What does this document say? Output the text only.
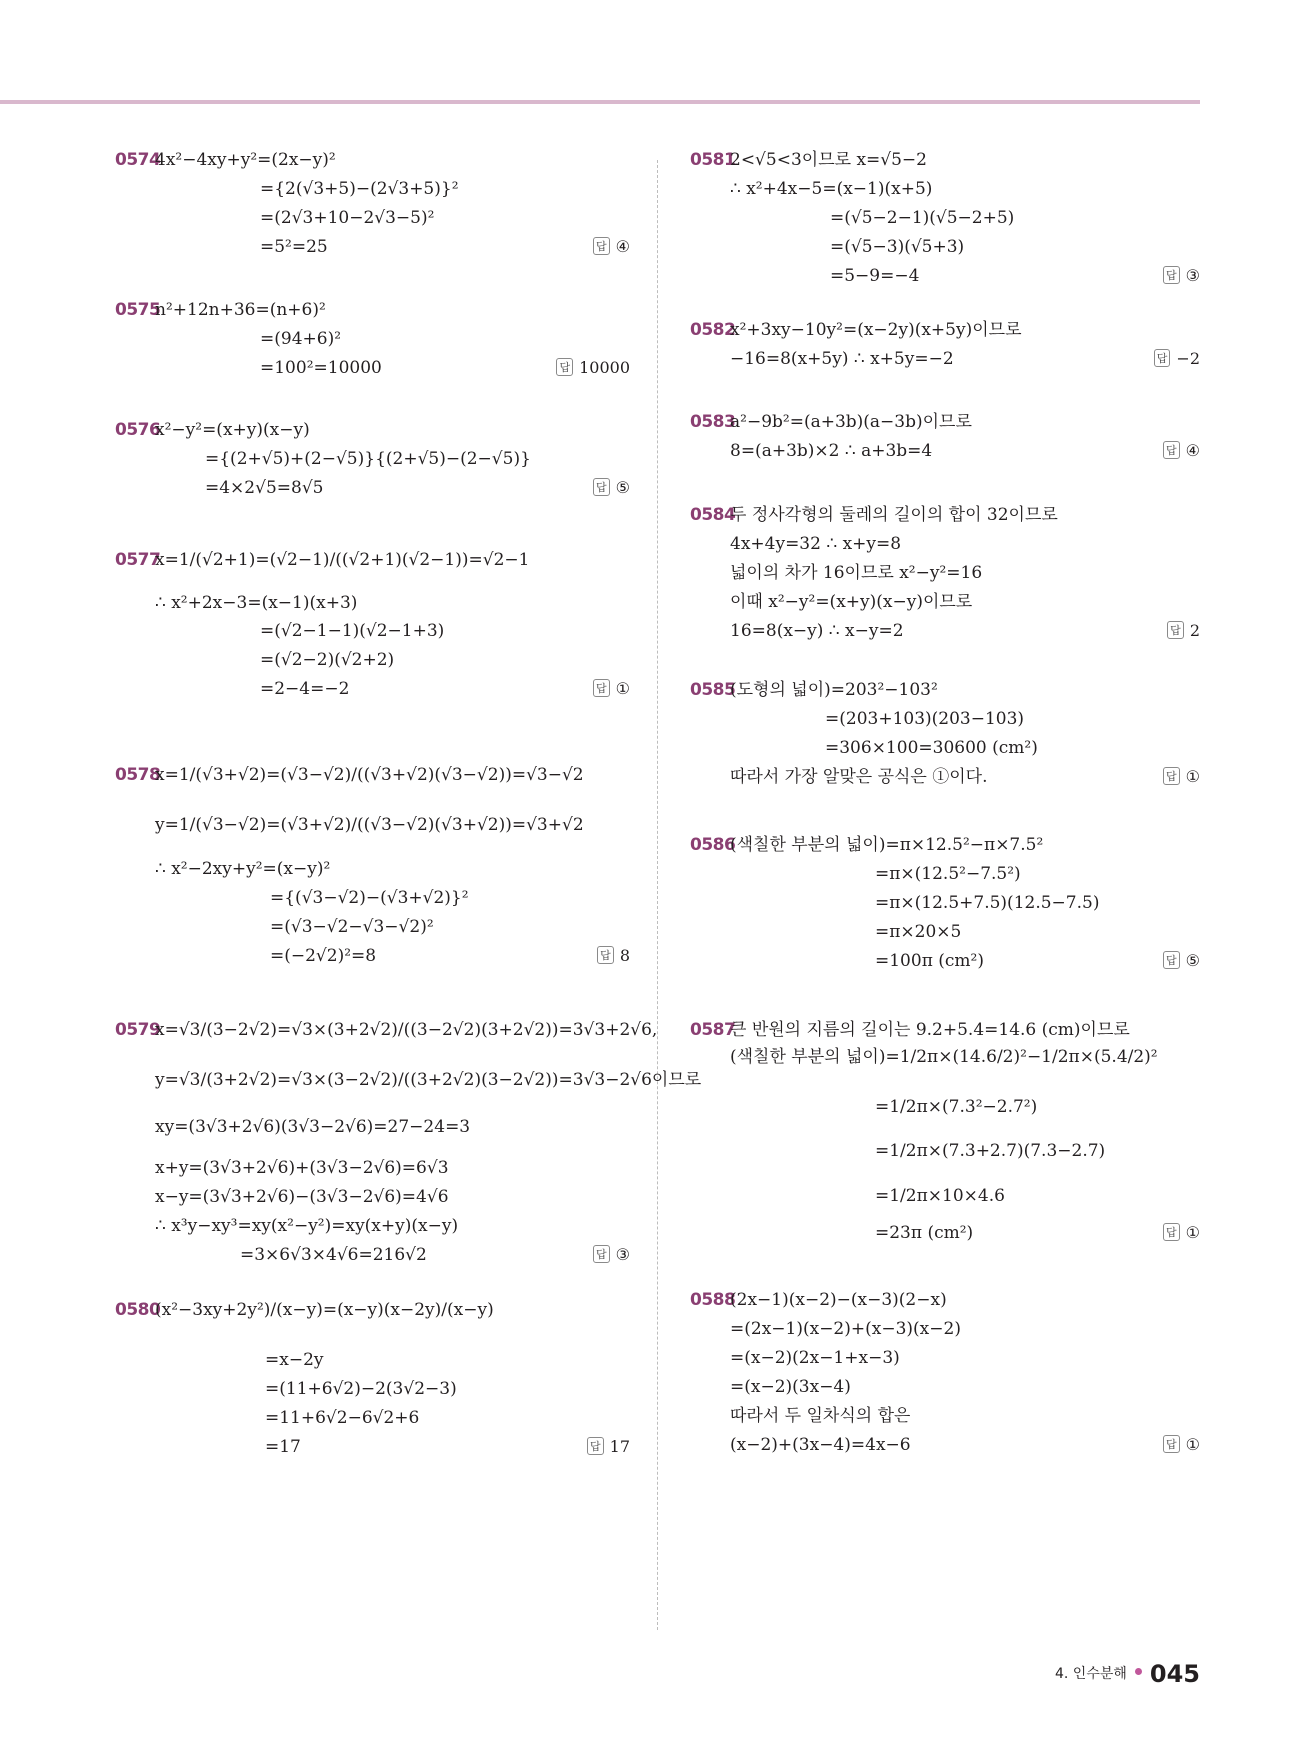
0574
4x²−4xy+y²=(2x−y)²
={2(√3+5)−(2√3+5)}²
=(2√3+10−2√3−5)²
=5²=25	답 ④
0575
n²+12n+36=(n+6)²
=(94+6)²
=100²=10000	답 10000
0576
x²−y²=(x+y)(x−y)
={(2+√5)+(2−√5)}{(2+√5)−(2−√5)}
=4×2√5=8√5	답 ⑤
0577
x=1/(√2+1)=(√2−1)/((√2+1)(√2−1))=√2−1
∴ x²+2x−3=(x−1)(x+3)
=(√2−1−1)(√2−1+3)
=(√2−2)(√2+2)
=2−4=−2	답 ①
0578
x=1/(√3+√2)=(√3−√2)/((√3+√2)(√3−√2))=√3−√2
y=1/(√3−√2)=(√3+√2)/((√3−√2)(√3+√2))=√3+√2
∴ x²−2xy+y²=(x−y)²
={(√3−√2)−(√3+√2)}²
=(√3−√2−√3−√2)²
=(−2√2)²=8	답 8
0579
x=√3/(3−2√2)=√3×(3+2√2)/((3−2√2)(3+2√2))=3√3+2√6,
y=√3/(3+2√2)=√3×(3−2√2)/((3+2√2)(3−2√2))=3√3−2√6이므로
xy=(3√3+2√6)(3√3−2√6)=27−24=3
x+y=(3√3+2√6)+(3√3−2√6)=6√3
x−y=(3√3+2√6)−(3√3−2√6)=4√6
∴ x³y−xy³=xy(x²−y²)=xy(x+y)(x−y)
=3×6√3×4√6=216√2	답 ③
0580
(x²−3xy+2y²)/(x−y)=(x−y)(x−2y)/(x−y)
=x−2y
=(11+6√2)−2(3√2−3)
=11+6√2−6√2+6
=17	답 17
0581
2<√5<3이므로 x=√5−2
∴ x²+4x−5=(x−1)(x+5)
=(√5−2−1)(√5−2+5)
=(√5−3)(√5+3)
=5−9=−4	답 ③
0582
x²+3xy−10y²=(x−2y)(x+5y)이므로
−16=8(x+5y) ∴ x+5y=−2	답 −2
0583
a²−9b²=(a+3b)(a−3b)이므로
8=(a+3b)×2 ∴ a+3b=4	답 ④
0584
두 정사각형의 둘레의 길이의 합이 32이므로
4x+4y=32 ∴ x+y=8
넓이의 차가 16이므로 x²−y²=16
이때 x²−y²=(x+y)(x−y)이므로
16=8(x−y) ∴ x−y=2	답 2
0585
(도형의 넓이)=203²−103²
=(203+103)(203−103)
=306×100=30600 (cm²)
따라서 가장 알맞은 공식은 ①이다.	답 ①
0586
(색칠한 부분의 넓이)=π×12.5²−π×7.5²
=π×(12.5²−7.5²)
=π×(12.5+7.5)(12.5−7.5)
=π×20×5
=100π (cm²)	답 ⑤
0587
큰 반원의 지름의 길이는 9.2+5.4=14.6 (cm)이므로
(색칠한 부분의 넓이)=1/2π×(14.6/2)²−1/2π×(5.4/2)²
=1/2π×(7.3²−2.7²)
=1/2π×(7.3+2.7)(7.3−2.7)
=1/2π×10×4.6
=23π (cm²)	답 ①
0588
(2x−1)(x−2)−(x−3)(2−x)
=(2x−1)(x−2)+(x−3)(x−2)
=(x−2)(2x−1+x−3)
=(x−2)(3x−4)
따라서 두 일차식의 합은
(x−2)+(3x−4)=4x−6	답 ①
4. 인수분해 045
